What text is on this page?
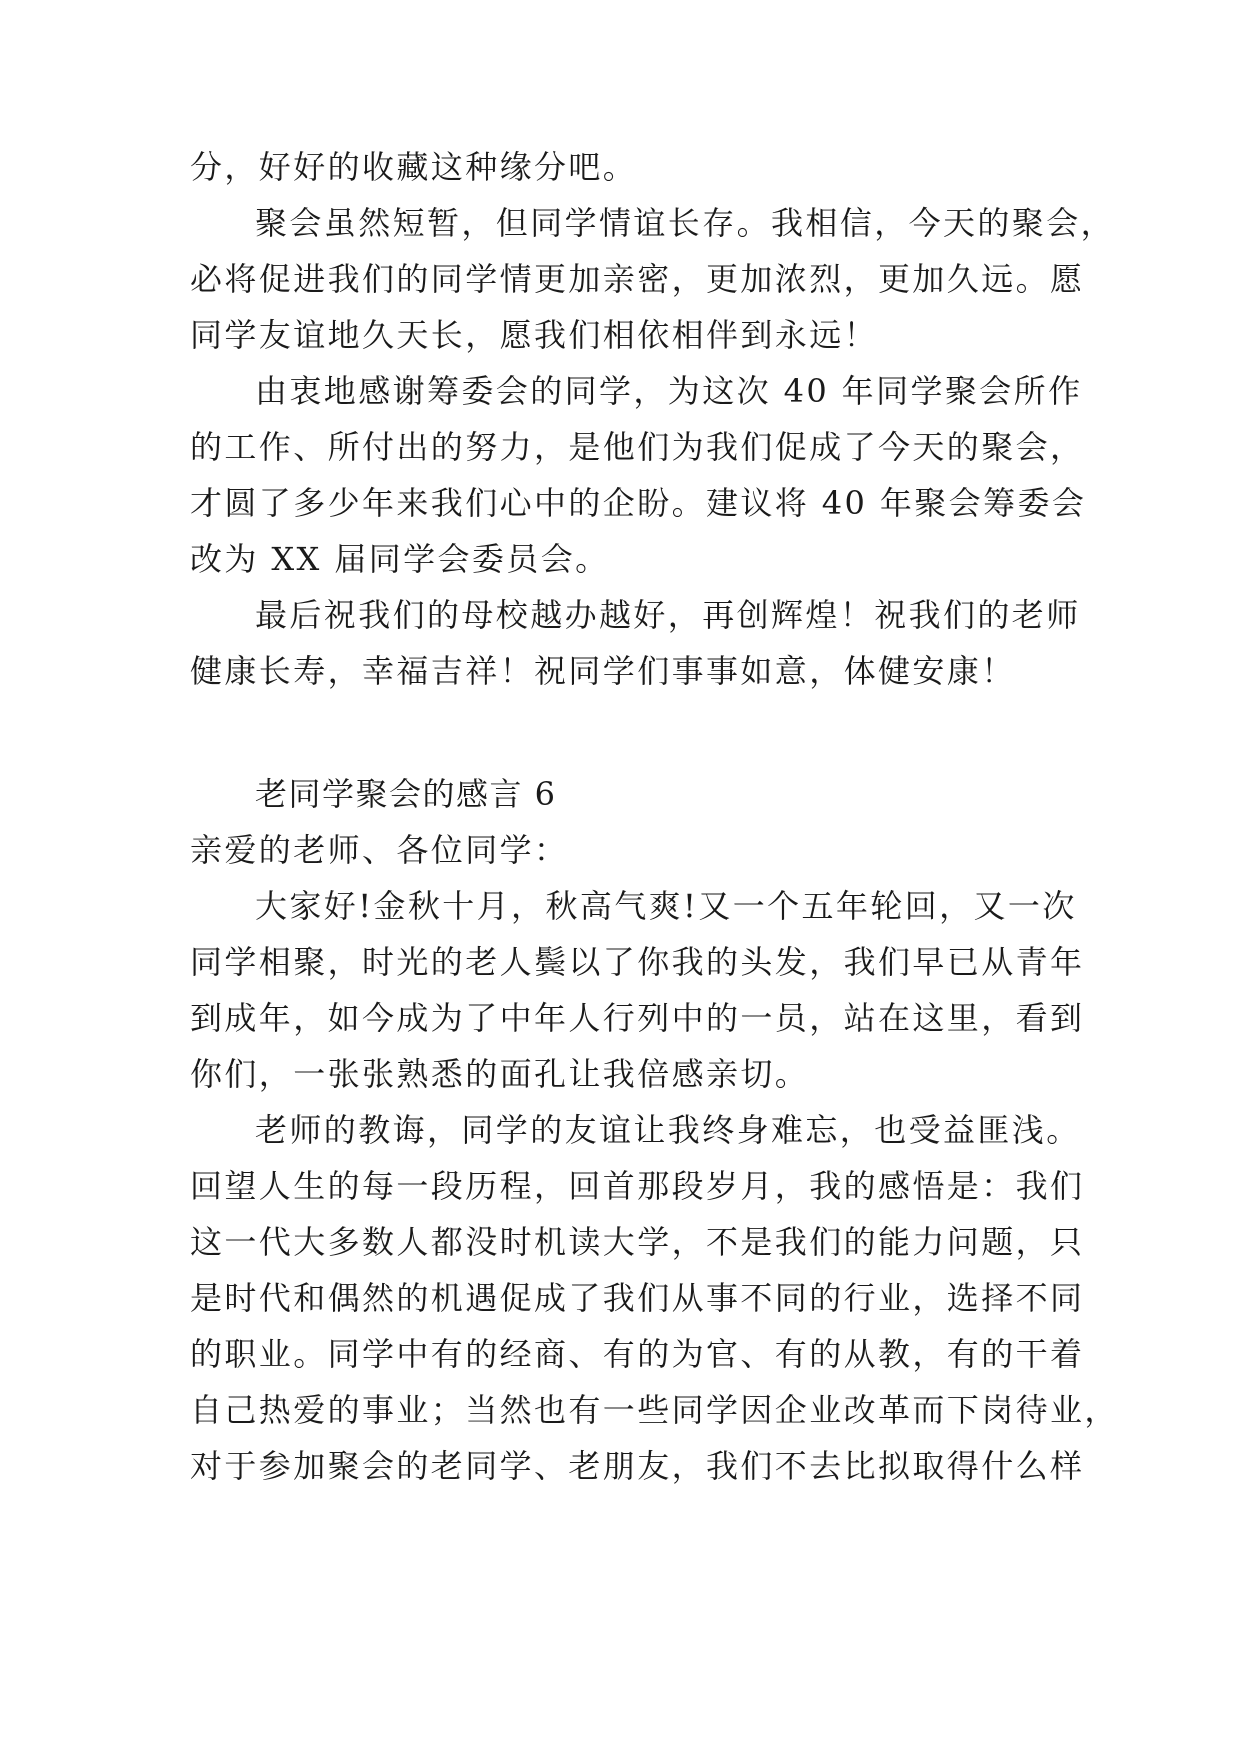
分，好好的收藏这种缘分吧。
聚会虽然短暂，但同学情谊长存。我相信，今天的聚会，
必将促进我们的同学情更加亲密，更加浓烈，更加久远。愿
同学友谊地久天长，愿我们相依相伴到永远！
由衷地感谢筹委会的同学，为这次 40 年同学聚会所作
的工作、所付出的努力，是他们为我们促成了今天的聚会，
才圆了多少年来我们心中的企盼。建议将 40 年聚会筹委会
改为 XX 届同学会委员会。
最后祝我们的母校越办越好，再创辉煌！祝我们的老师
健康长寿，幸福吉祥！祝同学们事事如意，体健安康！
老同学聚会的感言 6
亲爱的老师、各位同学：
大家好!金秋十月，秋高气爽!又一个五年轮回，又一次
同学相聚，时光的老人鬓以了你我的头发，我们早已从青年
到成年，如今成为了中年人行列中的一员，站在这里，看到
你们，一张张熟悉的面孔让我倍感亲切。
老师的教诲，同学的友谊让我终身难忘，也受益匪浅。
回望人生的每一段历程，回首那段岁月，我的感悟是：我们
这一代大多数人都没时机读大学，不是我们的能力问题，只
是时代和偶然的机遇促成了我们从事不同的行业，选择不同
的职业。同学中有的经商、有的为官、有的从教，有的干着
自己热爱的事业；当然也有一些同学因企业改革而下岗待业，
对于参加聚会的老同学、老朋友，我们不去比拟取得什么样
